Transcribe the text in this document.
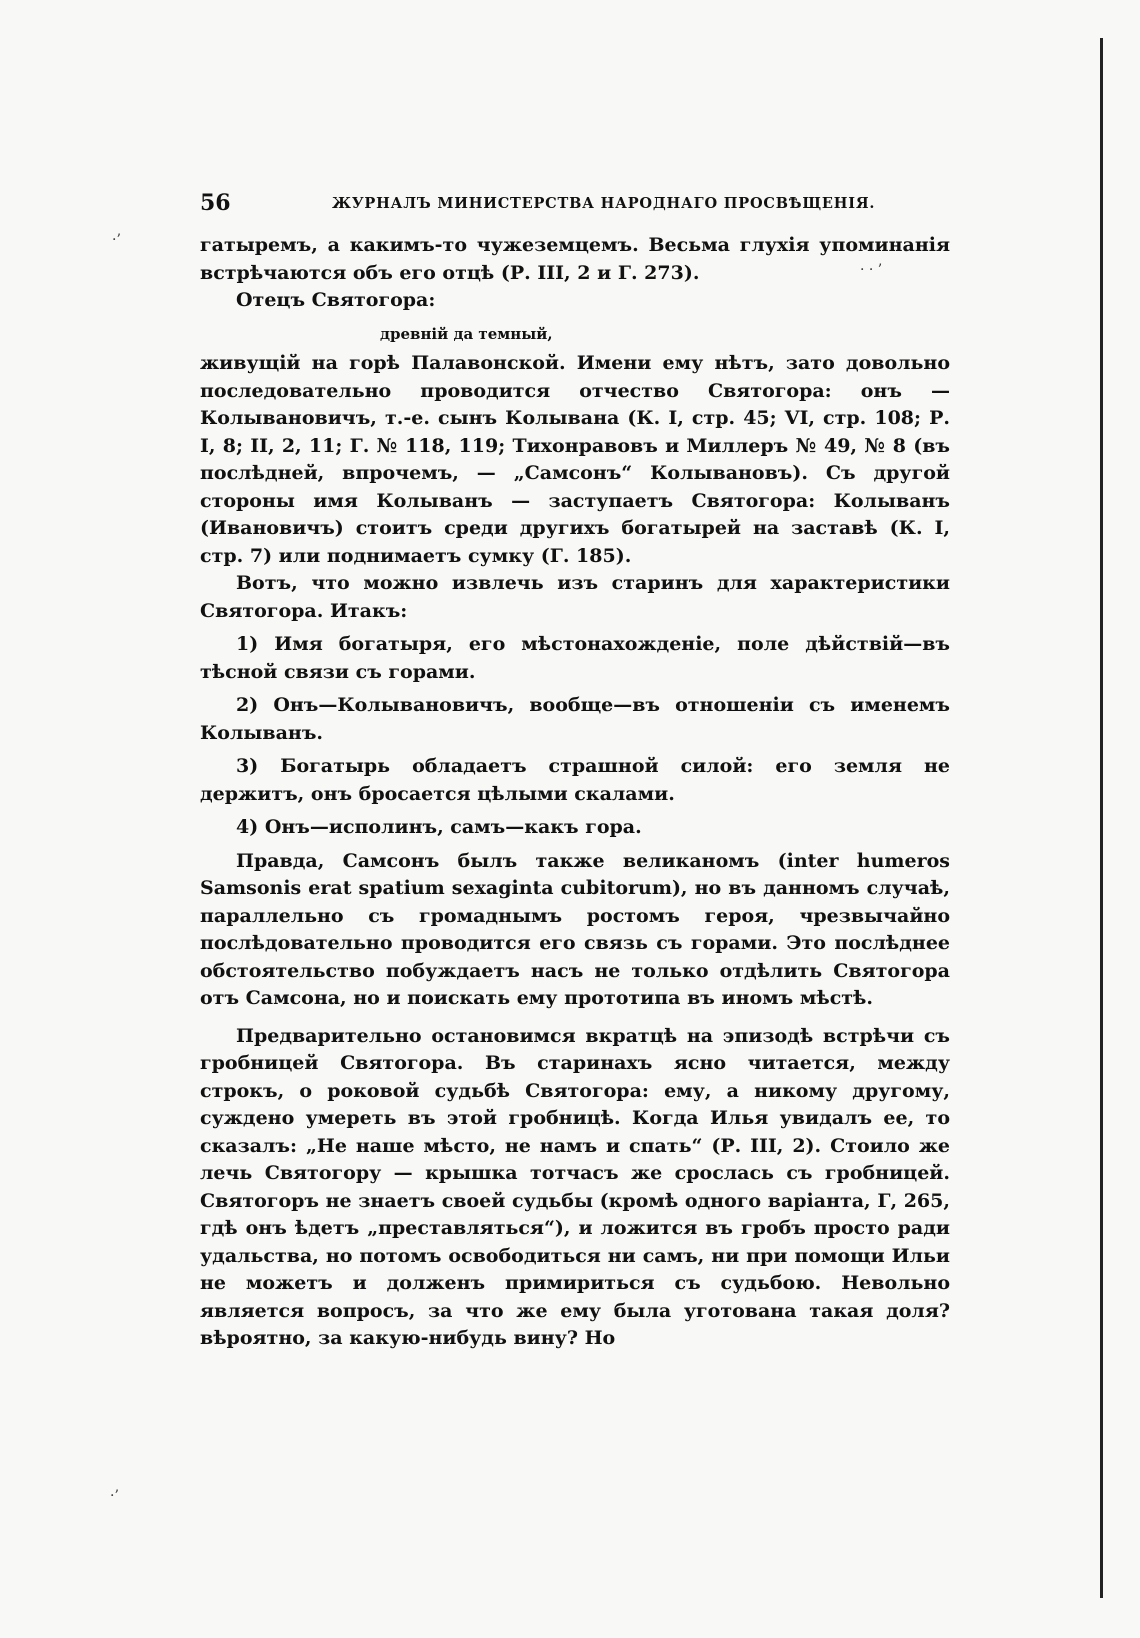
·’
· · ’
·’
56	ЖУРНАЛЪ МИНИСТЕРСТВА НАРОДНАГО ПРОСВѢЩЕНІЯ.

гатыремъ, а какимъ-то чужеземцемъ. Весьма глухія упоминанія встрѣчаются объ его отцѣ (Р. III, 2 и Г. 273).

Отецъ Святогора:

древній да темный,

живущій на горѣ Палавонской. Имени ему нѣтъ, зато довольно последовательно проводится отчество Святогора: онъ — Колывановичъ, т.-е. сынъ Колывана (К. I, стр. 45; VI, стр. 108; Р. I, 8; II, 2, 11; Г. № 118, 119; Тихонравовъ и Миллеръ № 49, № 8 (въ послѣдней, впрочемъ, — „Самсонъ“ Колывановъ). Съ другой стороны имя Колыванъ — заступаетъ Святогора: Колыванъ (Ивановичъ) стоитъ среди другихъ богатырей на заставѣ (К. I, стр. 7) или поднимаетъ сумку (Г. 185).

Вотъ, что можно извлечь изъ старинъ для характеристики Святогора. Итакъ:

1) Имя богатыря, его мѣстонахожденіе, поле дѣйствій—въ тѣсной связи съ горами.

2) Онъ—Колывановичъ, вообще—въ отношеніи съ именемъ Колыванъ.

3) Богатырь обладаетъ страшной силой: его земля не держитъ, онъ бросается цѣлыми скалами.

4) Онъ—исполинъ, самъ—какъ гора.

Правда, Самсонъ былъ также великаномъ (inter humeros Samsonis erat spatium sexaginta cubitorum), но въ данномъ случаѣ, параллельно съ громаднымъ ростомъ героя, чрезвычайно послѣдовательно проводится его связь съ горами. Это послѣднее обстоятельство побуждаетъ насъ не только отдѣлить Святогора отъ Самсона, но и поискать ему прототипа въ иномъ мѣстѣ.

Предварительно остановимся вкратцѣ на эпизодѣ встрѣчи съ гробницей Святогора. Въ старинахъ ясно читается, между строкъ, о роковой судьбѣ Святогора: ему, а никому другому, суждено умереть въ этой гробницѣ. Когда Илья увидалъ ее, то сказалъ: „Не наше мѣсто, не намъ и спать“ (Р. III, 2). Стоило же лечь Святогору — крышка тотчасъ же срослась съ гробницей. Святогоръ не знаетъ своей судьбы (кромѣ одного варіанта, Г, 265, гдѣ онъ ѣдетъ „преставляться“), и ложится въ гробъ просто ради удальства, но потомъ освободиться ни самъ, ни при помощи Ильи не можетъ и долженъ примириться съ судьбою. Невольно является вопросъ, за что же ему была уготована такая доля? вѣроятно, за какую-нибудь вину? Но
